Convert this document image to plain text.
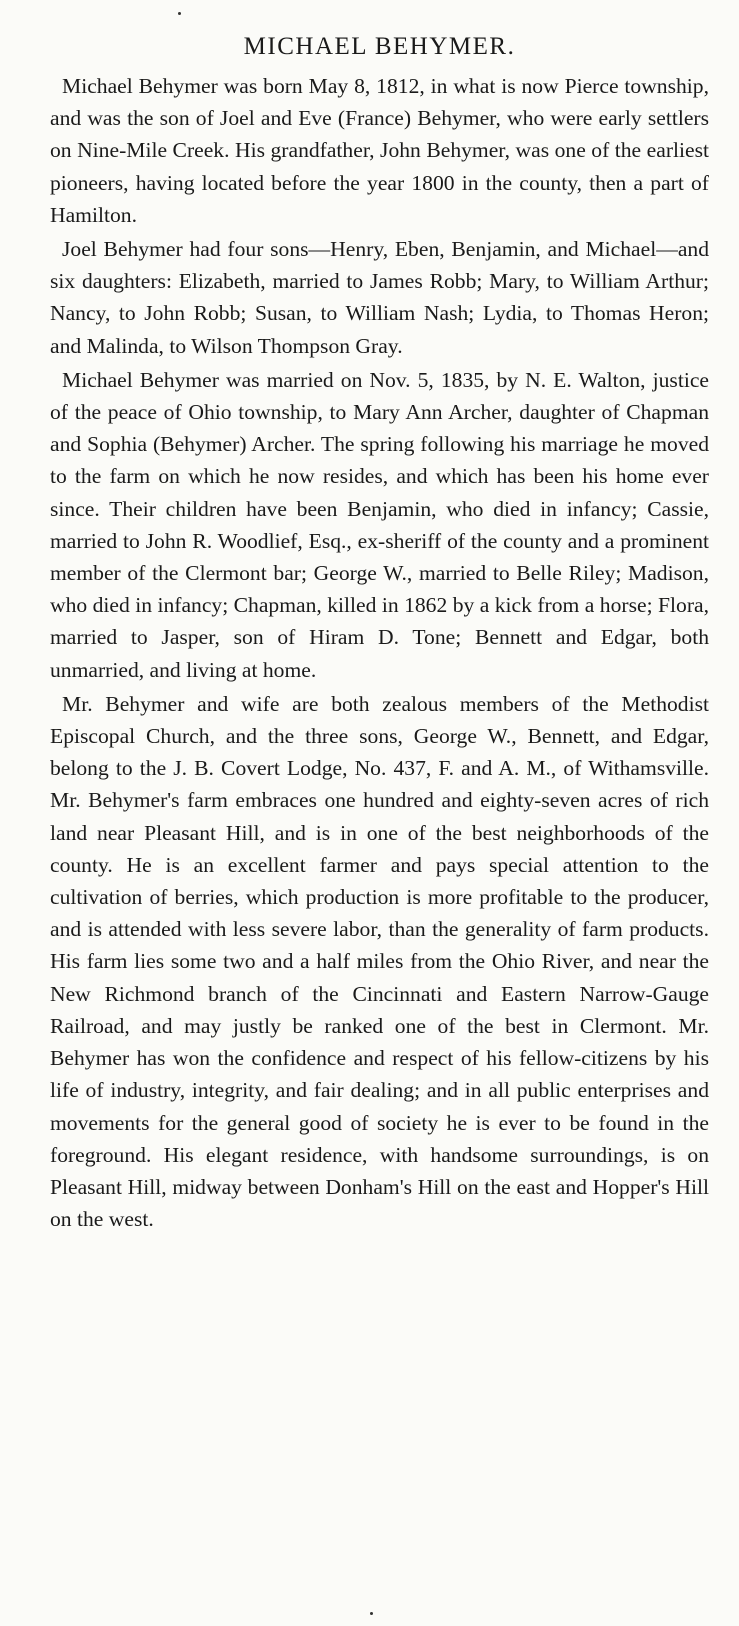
MICHAEL BEHYMER.

Michael Behymer was born May 8, 1812, in what is now Pierce township, and was the son of Joel and Eve (France) Behymer, who were early settlers on Nine-Mile Creek. His grandfather, John Behymer, was one of the earliest pioneers, having located before the year 1800 in the county, then a part of Hamilton.

Joel Behymer had four sons—Henry, Eben, Benjamin, and Michael—and six daughters: Elizabeth, married to James Robb; Mary, to William Arthur; Nancy, to John Robb; Susan, to William Nash; Lydia, to Thomas Heron; and Malinda, to Wilson Thompson Gray.

Michael Behymer was married on Nov. 5, 1835, by N. E. Walton, justice of the peace of Ohio township, to Mary Ann Archer, daughter of Chapman and Sophia (Behymer) Archer. The spring following his marriage he moved to the farm on which he now resides, and which has been his home ever since. Their children have been Benjamin, who died in infancy; Cassie, married to John R. Woodlief, Esq., ex-sheriff of the county and a prominent member of the Clermont bar; George W., married to Belle Riley; Madison, who died in infancy; Chapman, killed in 1862 by a kick from a horse; Flora, married to Jasper, son of Hiram D. Tone; Bennett and Edgar, both unmarried, and living at home.

Mr. Behymer and wife are both zealous members of the Methodist Episcopal Church, and the three sons, George W., Bennett, and Edgar, belong to the J. B. Covert Lodge, No. 437, F. and A. M., of Withamsville. Mr. Behymer's farm embraces one hundred and eighty-seven acres of rich land near Pleasant Hill, and is in one of the best neighborhoods of the county. He is an excellent farmer and pays special attention to the cultivation of berries, which production is more profitable to the producer, and is attended with less severe labor, than the generality of farm products. His farm lies some two and a half miles from the Ohio River, and near the New Richmond branch of the Cincinnati and Eastern Narrow-Gauge Railroad, and may justly be ranked one of the best in Clermont. Mr. Behymer has won the confidence and respect of his fellow-citizens by his life of industry, integrity, and fair dealing; and in all public enterprises and movements for the general good of society he is ever to be found in the foreground. His elegant residence, with handsome surroundings, is on Pleasant Hill, midway between Donham's Hill on the east and Hopper's Hill on the west.
